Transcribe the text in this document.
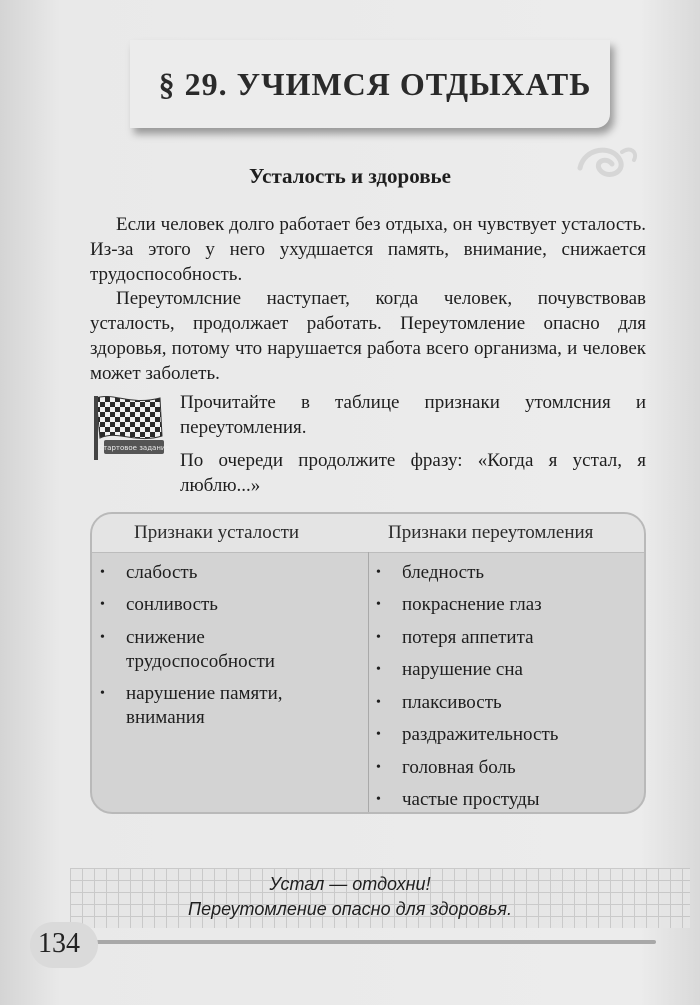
§ 29. УЧИМСЯ ОТДЫХАТЬ
Усталость и здоровье

Если человек долго работает без отдыха, он чувствует усталость. Из-за этого у него ухудшается память, внимание, снижается трудоспособность.

Переутомлсние наступает, когда человек, почувствовав усталость, продолжает работать. Переутомление опасно для здоровья, потому что нарушается работа всего организма, и человек может заболеть.

Стартовое задание
Прочитайте в таблице признаки утомлсния и переутомления.
По очереди продолжите фразу: «Когда я устал, я люблю...»
Признаки усталости	Признаки переутомления
• слабость
• сонливость
• снижение трудоспособности
• нарушение памяти, внимания
• бледность
• покраснение глаз
• потеря аппетита
• нарушение сна
• плаксивость
• раздражительность
• головная боль
• частые простуды
Устал — отдохни!
Переутомление опасно для здоровья.
134
